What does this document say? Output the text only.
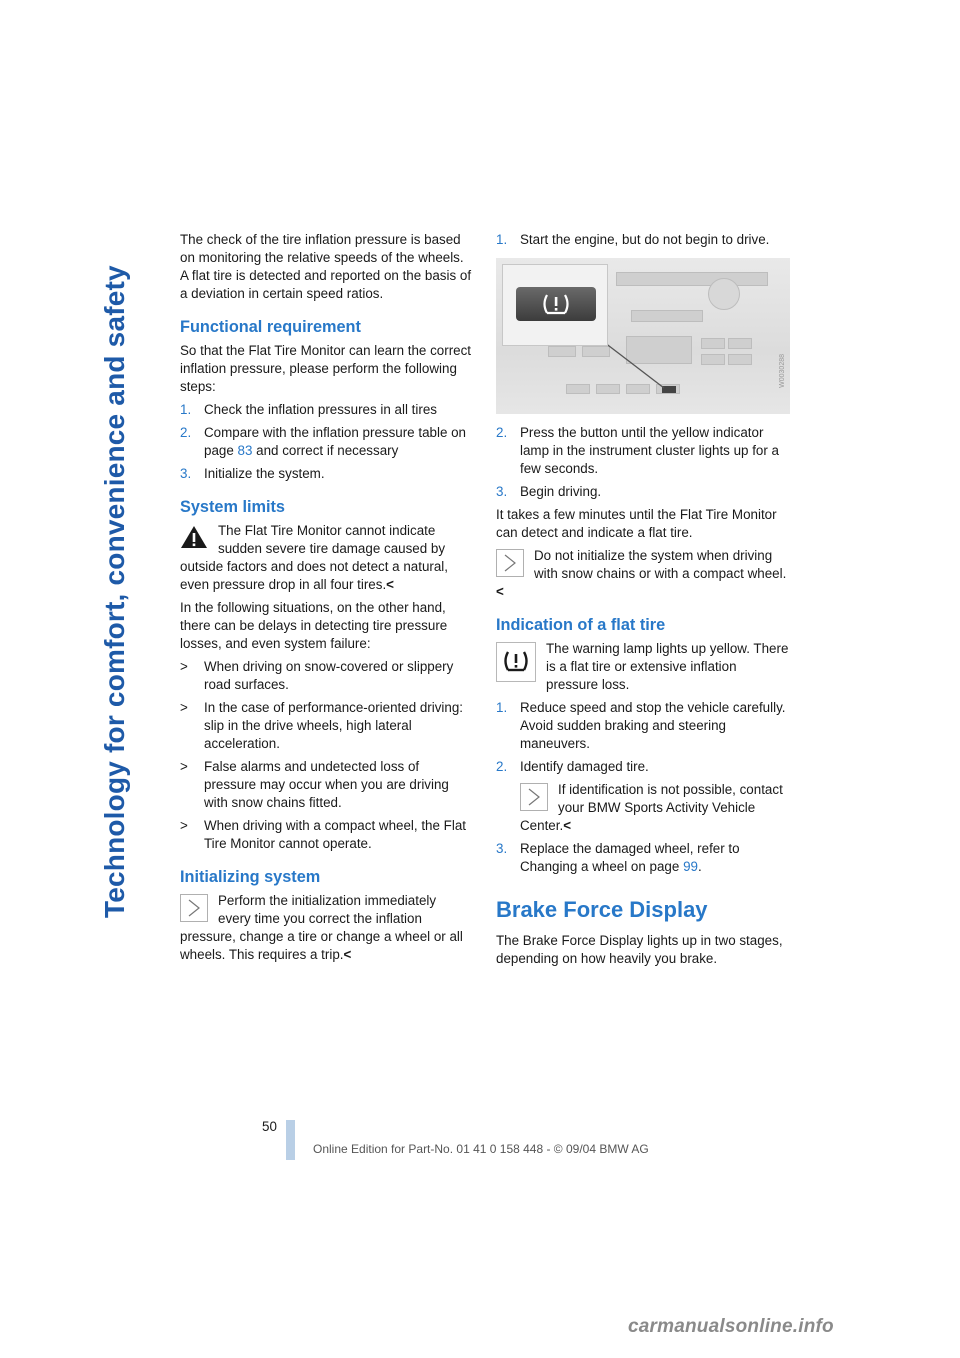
Technology for comfort, convenience and safety

The check of the tire inflation pressure is based on monitoring the relative speeds of the wheels. A flat tire is detected and reported on the basis of a deviation in certain speed ratios.

Functional requirement

So that the Flat Tire Monitor can learn the correct inflation pressure, please perform the following steps:

1. Check the inflation pressures in all tires
2. Compare with the inflation pressure table on page 83 and correct if necessary
3. Initialize the system.
System limits
The Flat Tire Monitor cannot indicate sudden severe tire damage caused by outside factors and does not detect a natural, even pressure drop in all four tires.<

In the following situations, on the other hand, there can be delays in detecting tire pressure losses, and even system failure:

>	When driving on snow-covered or slippery road surfaces.
>	In the case of performance-oriented driving: slip in the drive wheels, high lateral acceleration.
>	False alarms and undetected loss of pressure may occur when you are driving with snow chains fitted.
>	When driving with a compact wheel, the Flat Tire Monitor cannot operate.
Initializing system
Perform the initialization immediately every time you correct the inflation pressure, change a tire or change a wheel or all wheels. This requires a trip.<
1. Start the engine, but do not begin to drive.
W0030288
2. Press the button until the yellow indicator lamp in the instrument cluster lights up for a few seconds.
3. Begin driving.

It takes a few minutes until the Flat Tire Monitor can detect and indicate a flat tire.

Do not initialize the system when driving with snow chains or with a compact wheel.<
Indication of a flat tire
The warning lamp lights up yellow. There is a flat tire or extensive inflation pressure loss.
1. Reduce speed and stop the vehicle carefully. Avoid sudden braking and steering maneuvers.
2. Identify damaged tire.
If identification is not possible, contact your BMW Sports Activity Vehicle Center.<
3. Replace the damaged wheel, refer to Changing a wheel on page 99.
Brake Force Display

The Brake Force Display lights up in two stages, depending on how heavily you brake.

50
Online Edition for Part-No. 01 41 0 158 448 - © 09/04 BMW AG
carmanualsonline.info
